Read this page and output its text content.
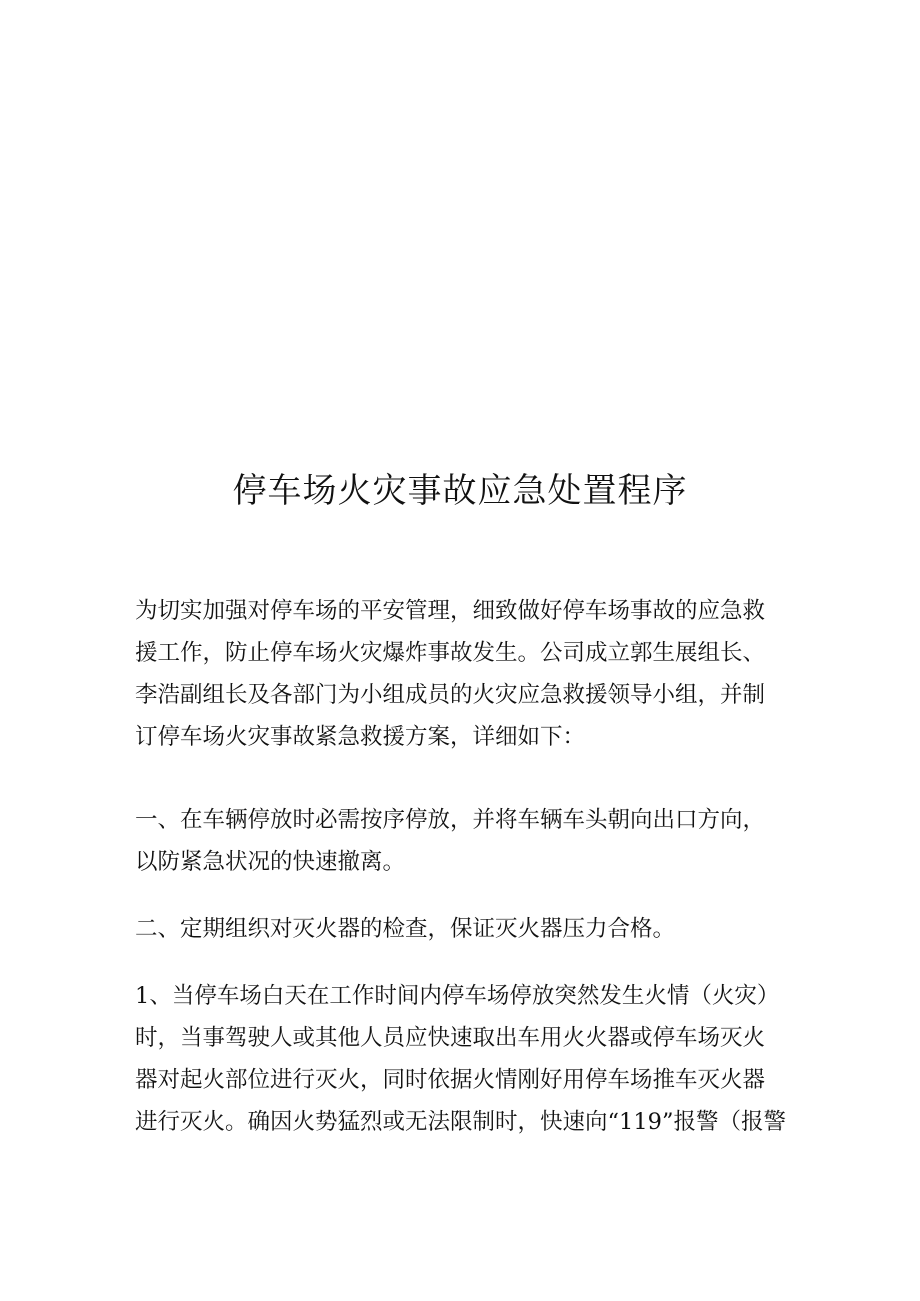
停车场火灾事故应急处置程序

为切实加强对停车场的平安管理，细致做好停车场事故的应急救
援工作，防止停车场火灾爆炸事故发生。公司成立郭生展组长、
李浩副组长及各部门为小组成员的火灾应急救援领导小组，并制
订停车场火灾事故紧急救援方案，详细如下：

一、在车辆停放时必需按序停放，并将车辆车头朝向出口方向，
以防紧急状况的快速撤离。

二、定期组织对灭火器的检查，保证灭火器压力合格。

1、当停车场白天在工作时间内停车场停放突然发生火情（火灾）
时，当事驾驶人或其他人员应快速取出车用火火器或停车场灭火
器对起火部位进行灭火，同时依据火情刚好用停车场推车灭火器
进行灭火。确因火势猛烈或无法限制时，快速向“119”报警（报警
